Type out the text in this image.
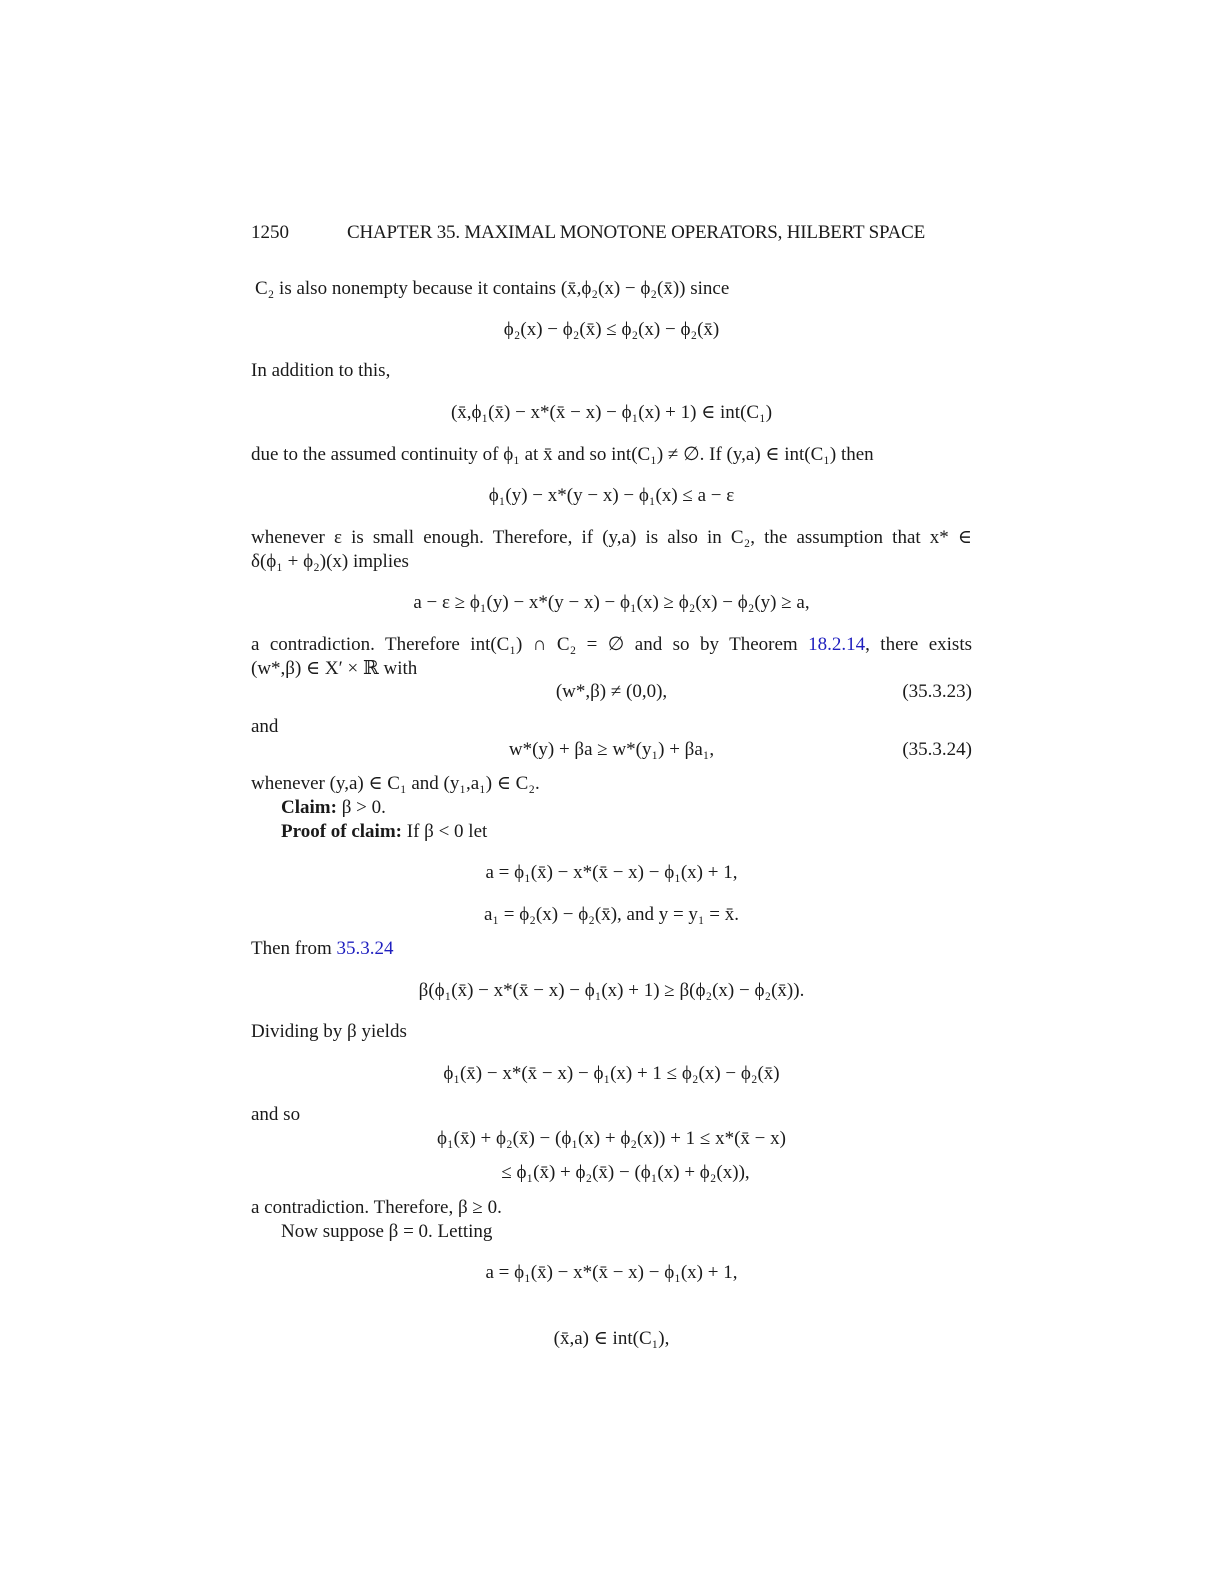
1250	CHAPTER 35. MAXIMAL MONOTONE OPERATORS, HILBERT SPACE
C₂ is also nonempty because it contains (x̄,ϕ₂(x) − ϕ₂(x̄)) since
ϕ₂(x) − ϕ₂(x̄) ≤ ϕ₂(x) − ϕ₂(x̄)
In addition to this,
(x̄,ϕ₁(x̄) − x*(x̄ − x) − ϕ₁(x) + 1) ∈ int(C₁)
due to the assumed continuity of ϕ₁ at x̄ and so int(C₁) ≠ ∅. If (y,a) ∈ int(C₁) then
ϕ₁(y) − x*(y − x) − ϕ₁(x) ≤ a − ε
whenever ε is small enough. Therefore, if (y,a) is also in C₂, the assumption that x* ∈
δ(ϕ₁ + ϕ₂)(x) implies
a − ε ≥ ϕ₁(y) − x*(y − x) − ϕ₁(x) ≥ ϕ₂(x) − ϕ₂(y) ≥ a,
a contradiction. Therefore int(C₁) ∩ C₂ = ∅ and so by Theorem 18.2.14, there exists
(w*,β) ∈ X′ × ℝ with
(w*,β) ≠ (0,0),	(35.3.23)
and
w*(y) + βa ≥ w*(y₁) + βa₁,	(35.3.24)
whenever (y,a) ∈ C₁ and (y₁,a₁) ∈ C₂.
Claim: β > 0.
Proof of claim: If β < 0 let
a = ϕ₁(x̄) − x*(x̄ − x) − ϕ₁(x) + 1,
a₁ = ϕ₂(x) − ϕ₂(x̄), and y = y₁ = x̄.
Then from 35.3.24
β(ϕ₁(x̄) − x*(x̄ − x) − ϕ₁(x) + 1) ≥ β(ϕ₂(x) − ϕ₂(x̄)).
Dividing by β yields
ϕ₁(x̄) − x*(x̄ − x) − ϕ₁(x) + 1 ≤ ϕ₂(x) − ϕ₂(x̄)
and so
ϕ₁(x̄) + ϕ₂(x̄) − (ϕ₁(x) + ϕ₂(x)) + 1 ≤ x*(x̄ − x)
≤ ϕ₁(x̄) + ϕ₂(x̄) − (ϕ₁(x) + ϕ₂(x)),
a contradiction. Therefore, β ≥ 0.
Now suppose β = 0. Letting
a = ϕ₁(x̄) − x*(x̄ − x) − ϕ₁(x) + 1,
(x̄,a) ∈ int(C₁),
